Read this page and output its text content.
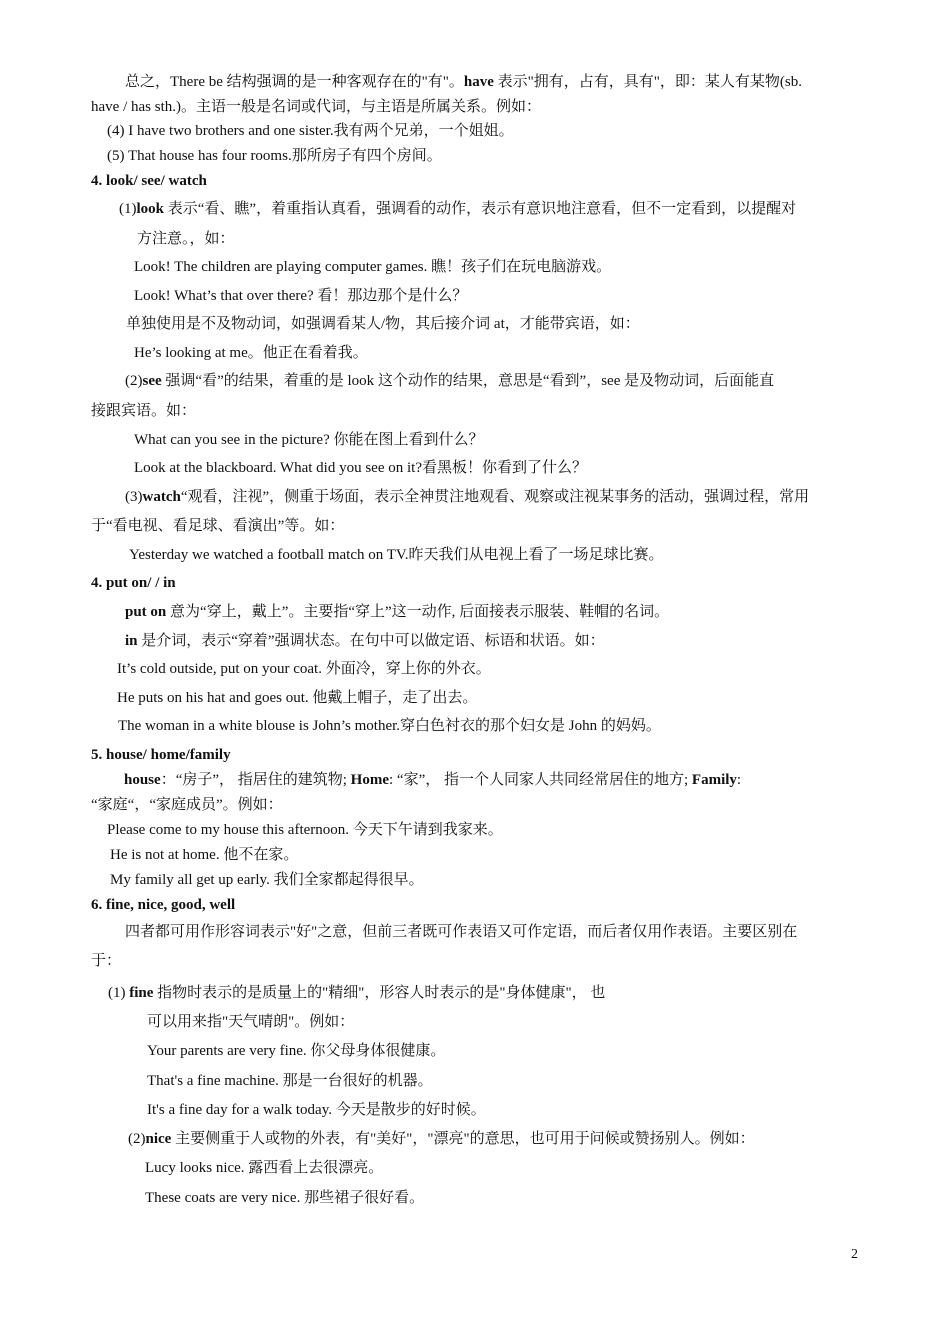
总之，There be 结构强调的是一种客观存在的"有"。have 表示"拥有，占有，具有"，即：某人有某物(sb.
have / has sth.)。主语一般是名词或代词，与主语是所属关系。例如：
(4) I have two brothers and one sister.我有两个兄弟，一个姐姐。
(5) That house has four rooms.那所房子有四个房间。
4. look/ see/ watch
(1)look 表示“看、瞧”，着重指认真看，强调看的动作，表示有意识地注意看，但不一定看到，以提醒对
方注意。，如：
Look! The children are playing computer games. 瞧！孩子们在玩电脑游戏。
Look! What’s that over there? 看！那边那个是什么？
单独使用是不及物动词，如强调看某人/物，其后接介词 at，才能带宾语，如：
He’s looking at me。他正在看着我。
(2)see 强调“看”的结果，着重的是 look 这个动作的结果，意思是“看到”，see 是及物动词，后面能直
接跟宾语。如：
What can you see in the picture? 你能在图上看到什么？
Look at the blackboard. What did you see on it?看黑板！你看到了什么？
(3)watch“观看，注视”，侧重于场面，表示全神贯注地观看、观察或注视某事务的活动，强调过程，常用
于“看电视、看足球、看演出”等。如：
Yesterday we watched a football match on TV.昨天我们从电视上看了一场足球比赛。
4. put on/ / in
put on 意为“穿上，戴上”。主要指“穿上”这一动作, 后面接表示服装、鞋帽的名词。
in 是介词，表示“穿着”强调状态。在句中可以做定语、标语和状语。如：
It’s cold outside, put on your coat. 外面冷，穿上你的外衣。
He puts on his hat and goes out. 他戴上帽子，走了出去。
The woman in a white blouse is John’s mother.穿白色衬衣的那个妇女是 John 的妈妈。
5. house/ home/family
house：“房子”， 指居住的建筑物; Home: “家”， 指一个人同家人共同经常居住的地方; Family:
“家庭“，“家庭成员”。例如：
Please come to my house this afternoon. 今天下午请到我家来。
He is not at home. 他不在家。
My family all get up early. 我们全家都起得很早。
6. fine, nice, good, well
四者都可用作形容词表示"好"之意，但前三者既可作表语又可作定语，而后者仅用作表语。主要区别在
于：
(1) fine 指物时表示的是质量上的"精细"，形容人时表示的是"身体健康"， 也
可以用来指"天气晴朗"。例如：
Your parents are very fine. 你父母身体很健康。
That's a fine machine. 那是一台很好的机器。
It's a fine day for a walk today. 今天是散步的好时候。
(2)nice 主要侧重于人或物的外表，有"美好"，"漂亮"的意思，也可用于问候或赞扬别人。例如：
Lucy looks nice. 露西看上去很漂亮。
These coats are very nice. 那些裙子很好看。
2
